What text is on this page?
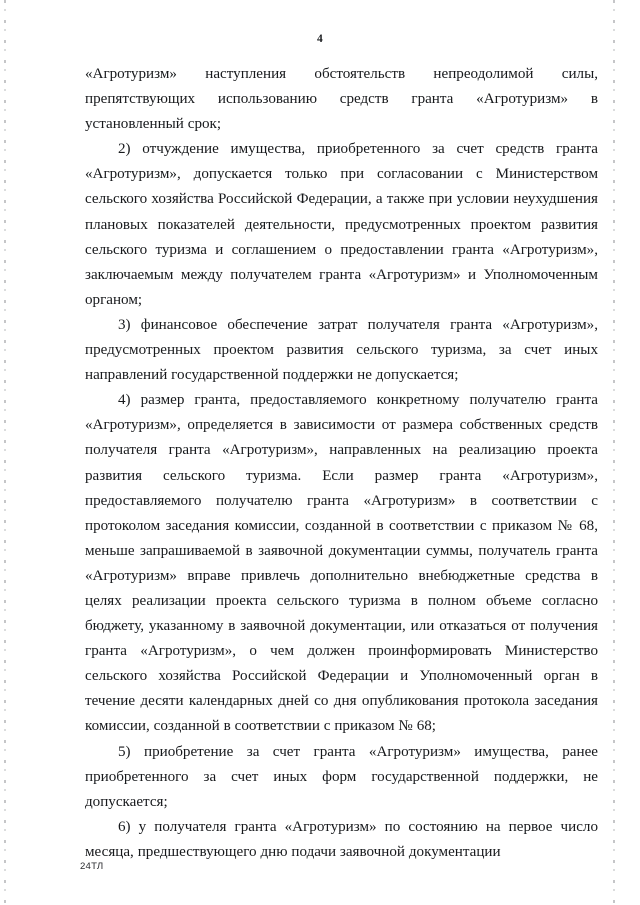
4

«Агротуризм» наступления обстоятельств непреодолимой силы, препятствующих использованию средств гранта «Агротуризм» в установленный срок;

2) отчуждение имущества, приобретенного за счет средств гранта «Агротуризм», допускается только при согласовании с Министерством сельского хозяйства Российской Федерации, а также при условии неухудшения плановых показателей деятельности, предусмотренных проектом развития сельского туризма и соглашением о предоставлении гранта «Агротуризм», заключаемым между получателем гранта «Агротуризм» и Уполномоченным органом;

3) финансовое обеспечение затрат получателя гранта «Агротуризм», предусмотренных проектом развития сельского туризма, за счет иных направлений государственной поддержки не допускается;

4) размер гранта, предоставляемого конкретному получателю гранта «Агротуризм», определяется в зависимости от размера собственных средств получателя гранта «Агротуризм», направленных на реализацию проекта развития сельского туризма. Если размер гранта «Агротуризм», предоставляемого получателю гранта «Агротуризм» в соответствии с протоколом заседания комиссии, созданной в соответствии с приказом № 68, меньше запрашиваемой в заявочной документации суммы, получатель гранта «Агротуризм» вправе привлечь дополнительно внебюджетные средства в целях реализации проекта сельского туризма в полном объеме согласно бюджету, указанному в заявочной документации, или отказаться от получения гранта «Агротуризм», о чем должен проинформировать Министерство сельского хозяйства Российской Федерации и Уполномоченный орган в течение десяти календарных дней со дня опубликования протокола заседания комиссии, созданной в соответствии с приказом № 68;

5) приобретение за счет гранта «Агротуризм» имущества, ранее приобретенного за счет иных форм государственной поддержки, не допускается;

6) у получателя гранта «Агротуризм» по состоянию на первое число месяца, предшествующего дню подачи заявочной документации

24ТЛ
